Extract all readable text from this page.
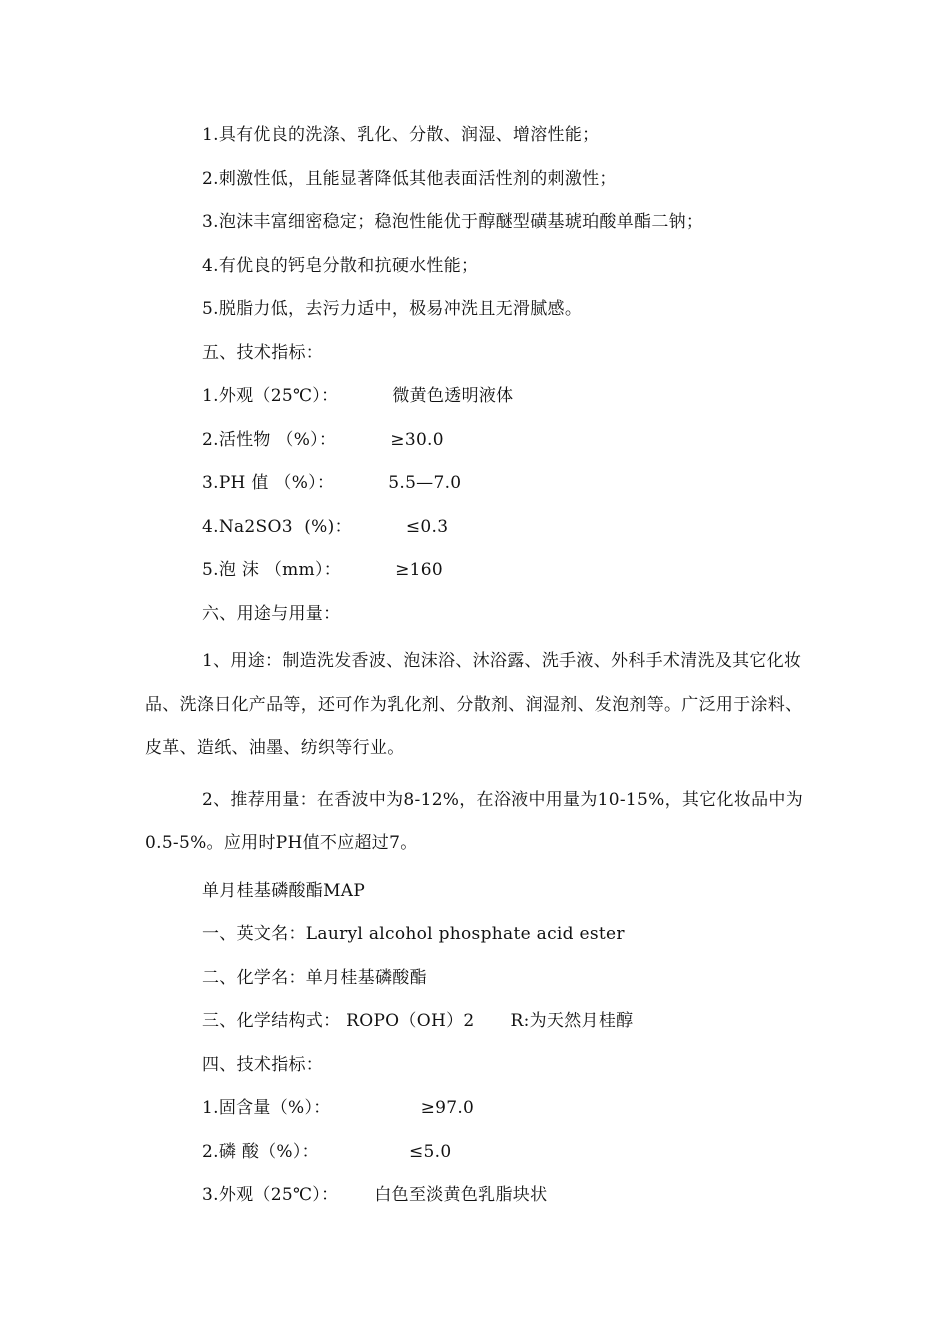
1.具有优良的洗涤、乳化、分散、润湿、增溶性能；
2.刺激性低，且能显著降低其他表面活性剂的刺激性；
3.泡沫丰富细密稳定；稳泡性能优于醇醚型磺基琥珀酸单酯二钠；
4.有优良的钙皂分散和抗硬水性能；
5.脱脂力低，去污力适中，极易冲洗且无滑腻感。
五、技术指标：
1.外观（25℃）：	微黄色透明液体
2.活性物 （%）：	≥30.0
3.PH 值 （%）：	5.5—7.0
4.Na2SO3  (%)：	≤0.3
5.泡 沫 （mm）：	≥160
六、用途与用量：
1、用途：制造洗发香波、泡沫浴、沐浴露、洗手液、外科手术清洗及其它化妆品、洗涤日化产品等，还可作为乳化剂、分散剂、润湿剂、发泡剂等。广泛用于涂料、皮革、造纸、油墨、纺织等行业。
2、推荐用量：在香波中为8-12%，在浴液中用量为10-15%，其它化妆品中为0.5-5%。应用时PH值不应超过7。
单月桂基磷酸酯MAP
一、英文名：Lauryl alcohol phosphate acid ester
二、化学名：单月桂基磷酸酯
三、化学结构式： ROPO（OH）2 R:为天然月桂醇
四、技术指标：
1.固含量（%）：	≥97.0
2.磷 酸（%）：	≤5.0
3.外观（25℃）： 白色至淡黄色乳脂块状
